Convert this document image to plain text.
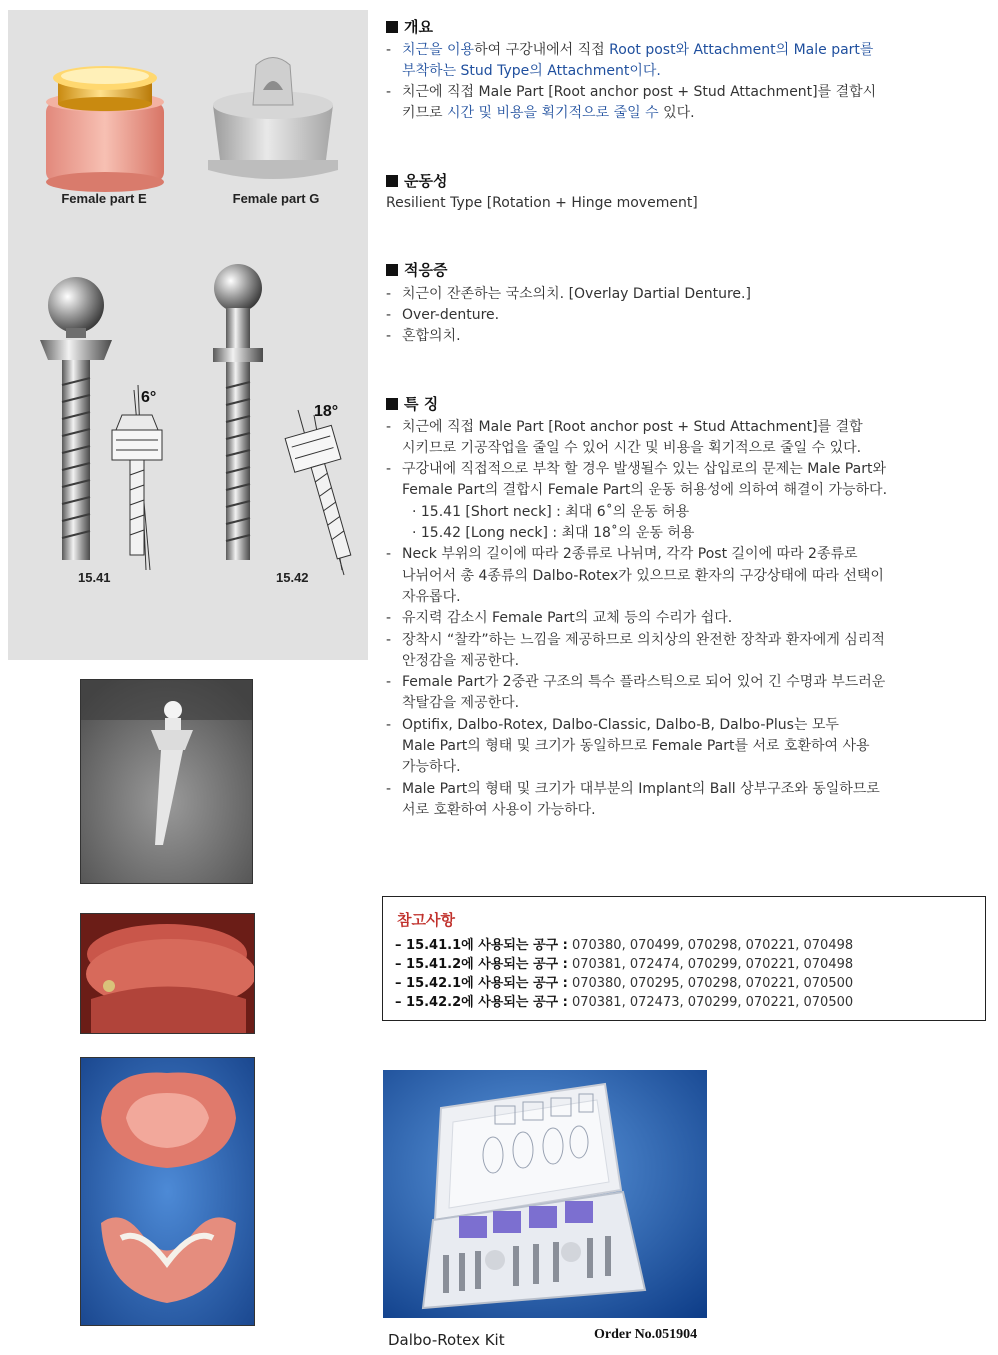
6°
18°
Female part E	Female part G
15.41	15.42
개요
- 치근을 이용하여 구강내에서 직접 Root post와 Attachment의 Male part를
부착하는 Stud Type의 Attachment이다.
- 치근에 직접 Male Part [Root anchor post + Stud Attachment]를 결합시
키므로 시간 및 비용을 획기적으로 줄일 수 있다.
운동성
Resilient Type [Rotation + Hinge movement]
적응증
- 치근이 잔존하는 국소의치. [Overlay Dartial Denture.]
- Over-denture.
- 혼합의치.
특 징
- 치근에 직접 Male Part [Root anchor post + Stud Attachment]를 결합
시키므로 기공작업을 줄일 수 있어 시간 및 비용을 획기적으로 줄일 수 있다.
- 구강내에 직접적으로 부착 할 경우 발생될수 있는 삽입로의 문제는 Male Part와
Female Part의 결합시 Female Part의 운동 허용성에 의하여 해결이 가능하다.
· 15.41 [Short neck] : 최대 6˚의 운동 허용
· 15.42 [Long neck] : 최대 18˚의 운동 허용
- Neck 부위의 길이에 따라 2종류로 나뉘며, 각각 Post 길이에 따라 2종류로
나뉘어서 총 4종류의 Dalbo-Rotex가 있으므로 환자의 구강상태에 따라 선택이
자유롭다.
- 유지력 감소시 Female Part의 교체 등의 수리가 쉽다.
- 장착시 “찰칵”하는 느낌을 제공하므로 의치상의 완전한 장착과 환자에게 심리적
안정감을 제공한다.
- Female Part가 2중관 구조의 특수 플라스틱으로 되어 있어 긴 수명과 부드러운
착탈감을 제공한다.
- Optifix, Dalbo-Rotex, Dalbo-Classic, Dalbo-B, Dalbo-Plus는 모두
Male Part의 형태 및 크기가 동일하므로 Female Part를 서로 호환하여 사용
가능하다.
- Male Part의 형태 및 크기가 대부분의 Implant의 Ball 상부구조와 동일하므로
서로 호환하여 사용이 가능하다.
참고사항
– 15.41.1에 사용되는 공구 : 070380, 070499, 070298, 070221, 070498
– 15.41.2에 사용되는 공구 : 070381, 072474, 070299, 070221, 070498
– 15.42.1에 사용되는 공구 : 070380, 070295, 070298, 070221, 070500
– 15.42.2에 사용되는 공구 : 070381, 072473, 070299, 070221, 070500
Dalbo-Rotex Kit	Order No.051904
